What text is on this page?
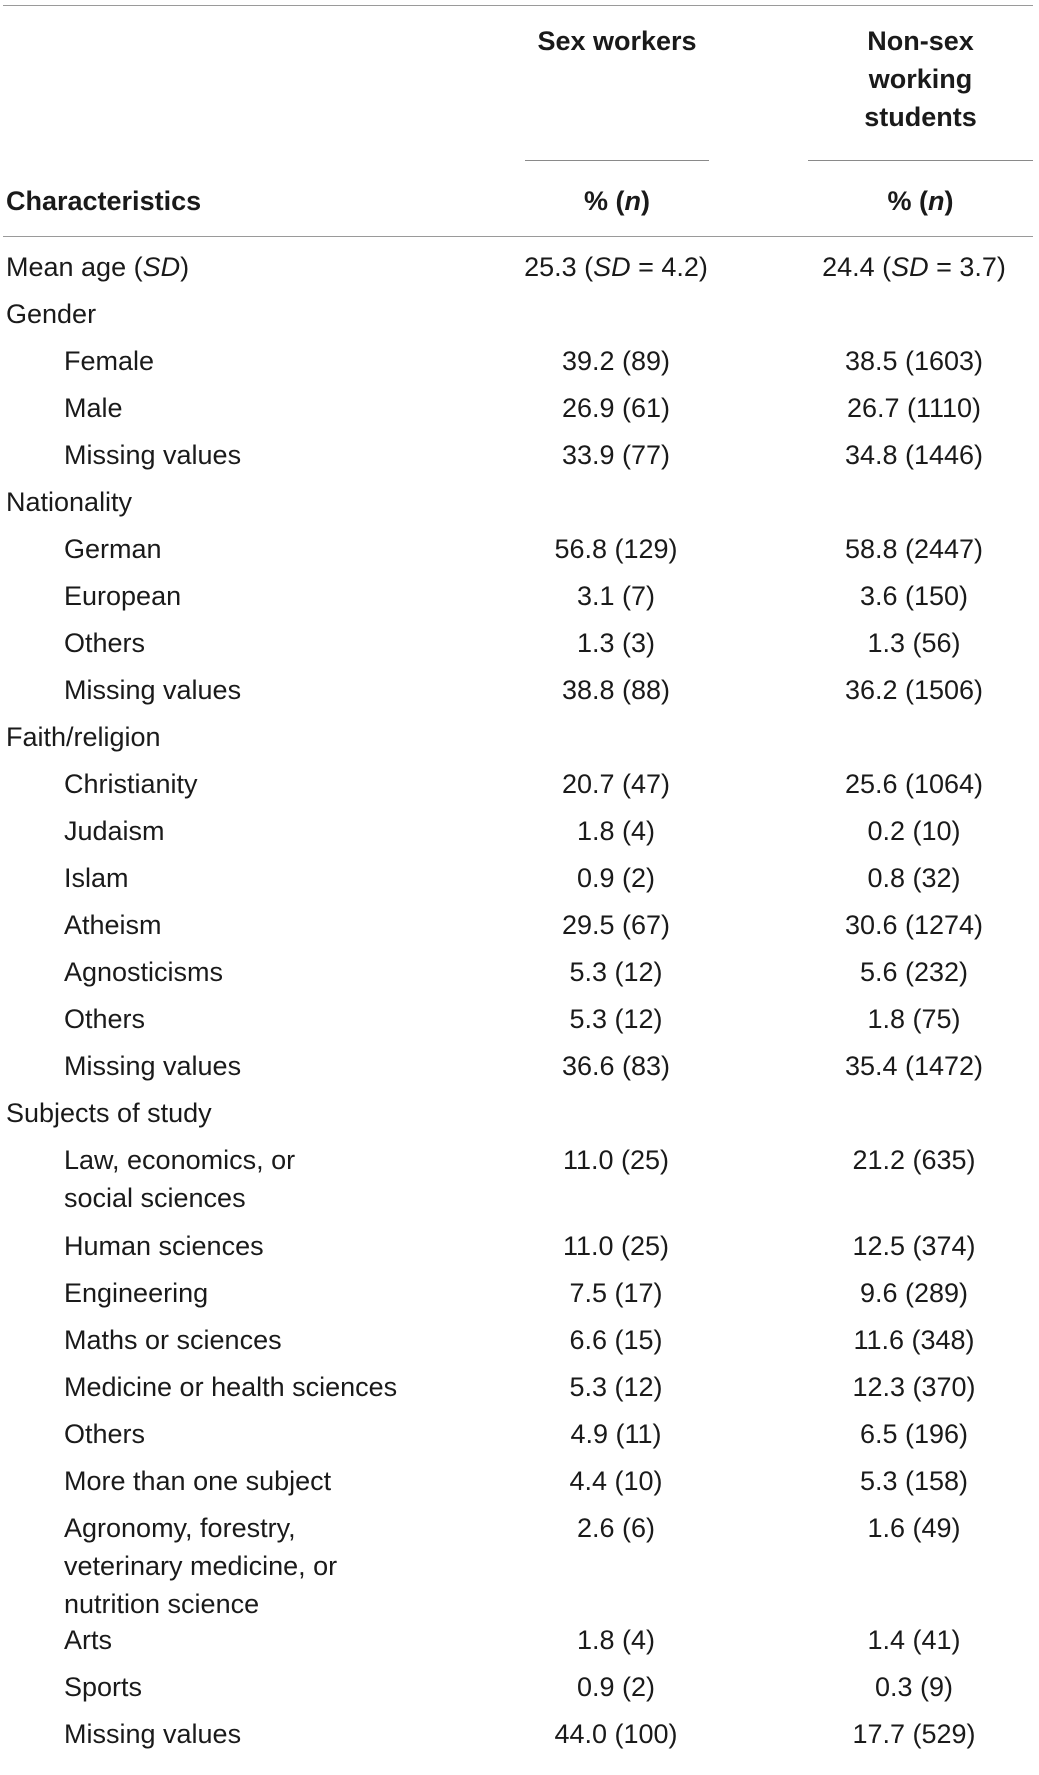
Sex workers	Non-sex
working
students
Characteristics	% (n)	% (n)
Mean age (SD)	25.3 (SD = 4.2)	24.4 (SD = 3.7)
Gender
Female	39.2 (89)	38.5 (1603)
Male	26.9 (61)	26.7 (1110)
Missing values	33.9 (77)	34.8 (1446)
Nationality
German	56.8 (129)	58.8 (2447)
European	3.1 (7)	3.6 (150)
Others	1.3 (3)	1.3 (56)
Missing values	38.8 (88)	36.2 (1506)
Faith/religion
Christianity	20.7 (47)	25.6 (1064)
Judaism	1.8 (4)	0.2 (10)
Islam	0.9 (2)	0.8 (32)
Atheism	29.5 (67)	30.6 (1274)
Agnosticisms	5.3 (12)	5.6 (232)
Others	5.3 (12)	1.8 (75)
Missing values	36.6 (83)	35.4 (1472)
Subjects of study
Law, economics, or
social sciences
11.0 (25)	21.2 (635)
Human sciences	11.0 (25)	12.5 (374)
Engineering	7.5 (17)	9.6 (289)
Maths or sciences	6.6 (15)	11.6 (348)
Medicine or health sciences	5.3 (12)	12.3 (370)
Others	4.9 (11)	6.5 (196)
More than one subject	4.4 (10)	5.3 (158)
Agronomy, forestry,
veterinary medicine, or
nutrition science
2.6 (6)	1.6 (49)
Arts	1.8 (4)	1.4 (41)
Sports	0.9 (2)	0.3 (9)
Missing values	44.0 (100)	17.7 (529)
